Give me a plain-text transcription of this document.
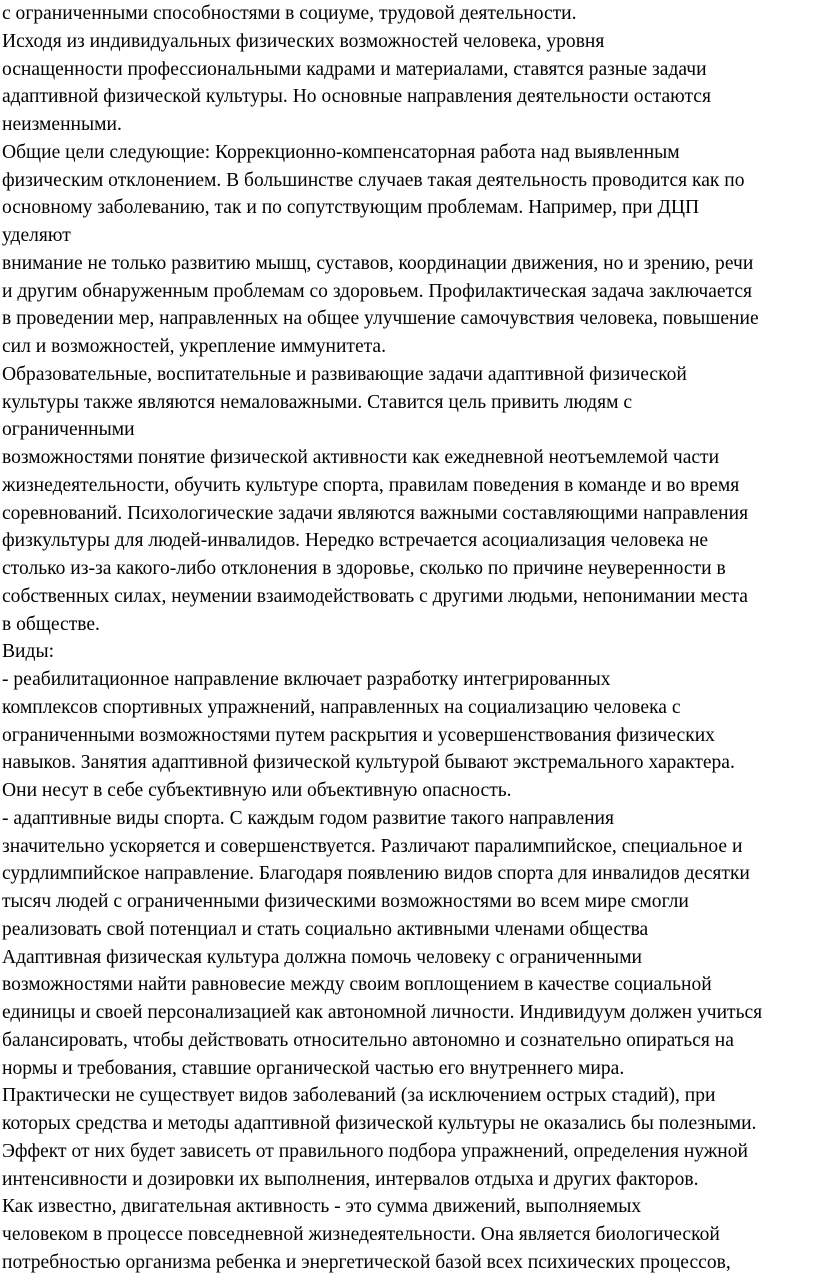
с ограниченными способностями в социуме, трудовой деятельности.
Исходя из индивидуальных физических возможностей человека, уровня
оснащенности профессиональными кадрами и материалами, ставятся разные задачи
адаптивной физической культуры. Но основные направления деятельности остаются
неизменными.
Общие цели следующие: Коррекционно-компенсаторная работа над выявленным
физическим отклонением. В большинстве случаев такая деятельность проводится как по
основному заболеванию, так и по сопутствующим проблемам. Например, при ДЦП
уделяют
внимание не только развитию мышц, суставов, координации движения, но и зрению, речи
и другим обнаруженным проблемам со здоровьем. Профилактическая задача заключается
в проведении мер, направленных на общее улучшение самочувствия человека, повышение
сил и возможностей, укрепление иммунитета.
Образовательные, воспитательные и развивающие задачи адаптивной физической
культуры также являются немаловажными. Ставится цель привить людям с
ограниченными
возможностями понятие физической активности как ежедневной неотъемлемой части
жизнедеятельности, обучить культуре спорта, правилам поведения в команде и во время
соревнований. Психологические задачи являются важными составляющими направления
физкультуры для людей-инвалидов. Нередко встречается асоциализация человека не
столько из-за какого-либо отклонения в здоровье, сколько по причине неуверенности в
собственных силах, неумении взаимодействовать с другими людьми, непонимании места
в обществе.
Виды:
- реабилитационное направление включает разработку интегрированных
комплексов спортивных упражнений, направленных на социализацию человека с
ограниченными возможностями путем раскрытия и усовершенствования физических
навыков. Занятия адаптивной физической культурой бывают экстремального характера.
Они несут в себе субъективную или объективную опасность.
- адаптивные виды спорта. С каждым годом развитие такого направления
значительно ускоряется и совершенствуется. Различают паралимпийское, специальное и
сурдлимпийское направление. Благодаря появлению видов спорта для инвалидов десятки
тысяч людей с ограниченными физическими возможностями во всем мире смогли
реализовать свой потенциал и стать социально активными членами общества
Адаптивная физическая культура должна помочь человеку с ограниченными
возможностями найти равновесие между своим воплощением в качестве социальной
единицы и своей персонализацией как автономной личности. Индивидуум должен учиться
балансировать, чтобы действовать относительно автономно и сознательно опираться на
нормы и требования, ставшие органической частью его внутреннего мира.
Практически не существует видов заболеваний (за исключением острых стадий), при
которых средства и методы адаптивной физической культуры не оказались бы полезными.
Эффект от них будет зависеть от правильного подбора упражнений, определения нужной
интенсивности и дозировки их выполнения, интервалов отдыха и других факторов.
Как известно, двигательная активность - это сумма движений, выполняемых
человеком в процессе повседневной жизнедеятельности. Она является биологической
потребностью организма ребенка и энергетической базой всех психических процессов,
